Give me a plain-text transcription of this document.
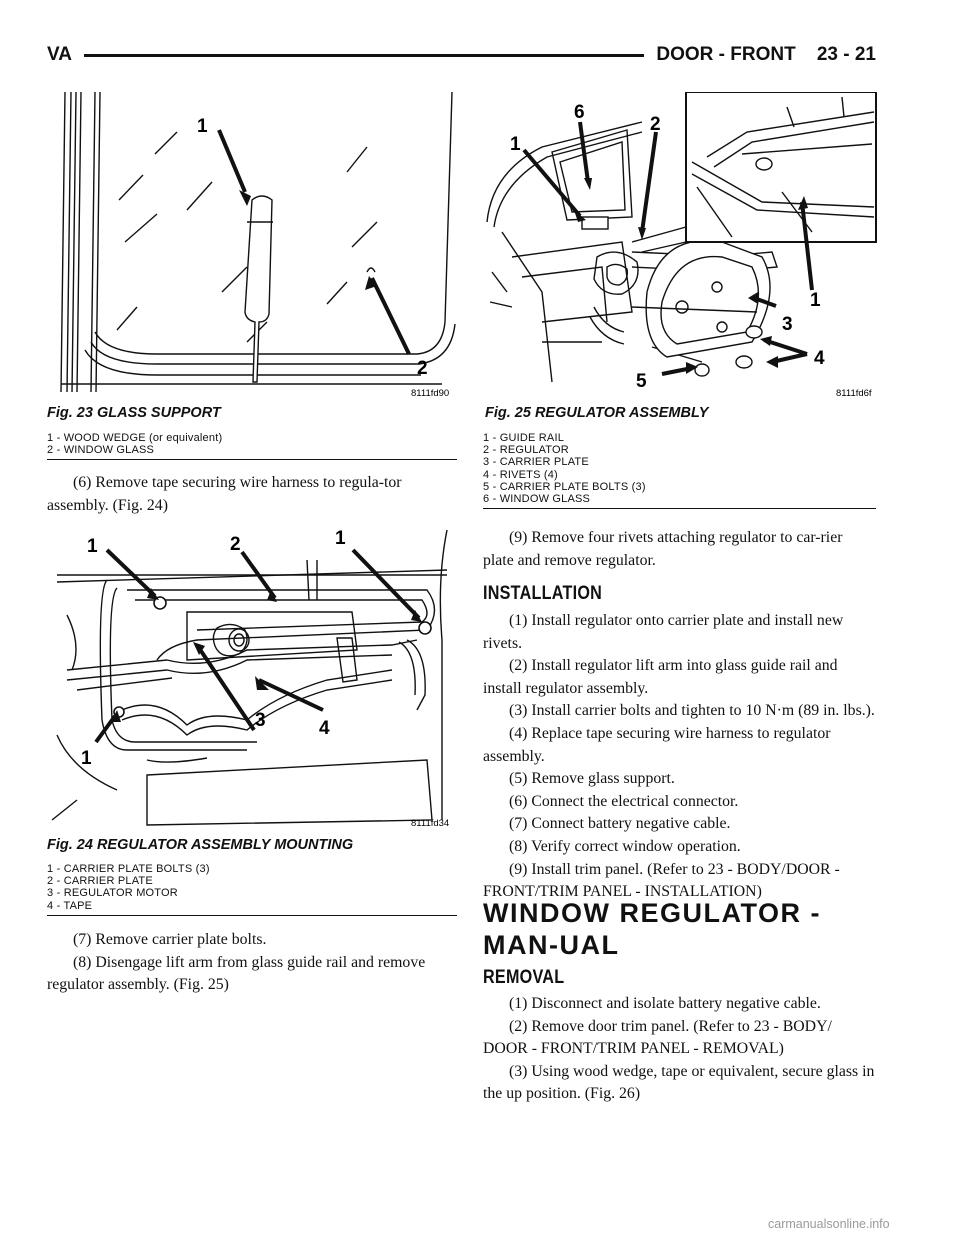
VA	DOOR - FRONT    23 - 21
1
2
8111fd90
Fig. 23 GLASS SUPPORT
1 - WOOD WEDGE (or equivalent)
2 - WINDOW GLASS

(6) Remove tape securing wire harness to regula-tor assembly. (Fig. 24)

1	2	1
3	4
1
8111fd34
Fig. 24 REGULATOR ASSEMBLY MOUNTING
1 - CARRIER PLATE BOLTS (3)
2 - CARRIER PLATE
3 - REGULATOR MOTOR
4 - TAPE

(7) Remove carrier plate bolts.

(8) Disengage lift arm from glass guide rail and remove regulator assembly. (Fig. 25)

6
1
2
1
3
4
5
8111fd6f
Fig. 25 REGULATOR ASSEMBLY
1 - GUIDE RAIL
2 - REGULATOR
3 - CARRIER PLATE
4 - RIVETS (4)
5 - CARRIER PLATE BOLTS (3)
6 - WINDOW GLASS

(9) Remove four rivets attaching regulator to car-rier plate and remove regulator.

INSTALLATION

(1) Install regulator onto carrier plate and install new rivets.

(2) Install regulator lift arm into glass guide rail and install regulator assembly.

(3) Install carrier bolts and tighten to 10 N·m (89 in. lbs.).

(4) Replace tape securing wire harness to regulator assembly.

(5) Remove glass support.

(6) Connect the electrical connector.

(7) Connect battery negative cable.

(8) Verify correct window operation.

(9) Install trim panel. (Refer to 23 - BODY/DOOR - FRONT/TRIM PANEL - INSTALLATION)

WINDOW REGULATOR - MAN-UAL
REMOVAL

(1) Disconnect and isolate battery negative cable.

(2) Remove door trim panel. (Refer to 23 - BODY/ DOOR - FRONT/TRIM PANEL - REMOVAL)

(3) Using wood wedge, tape or equivalent, secure glass in the up position. (Fig. 26)

carmanualsonline.info
